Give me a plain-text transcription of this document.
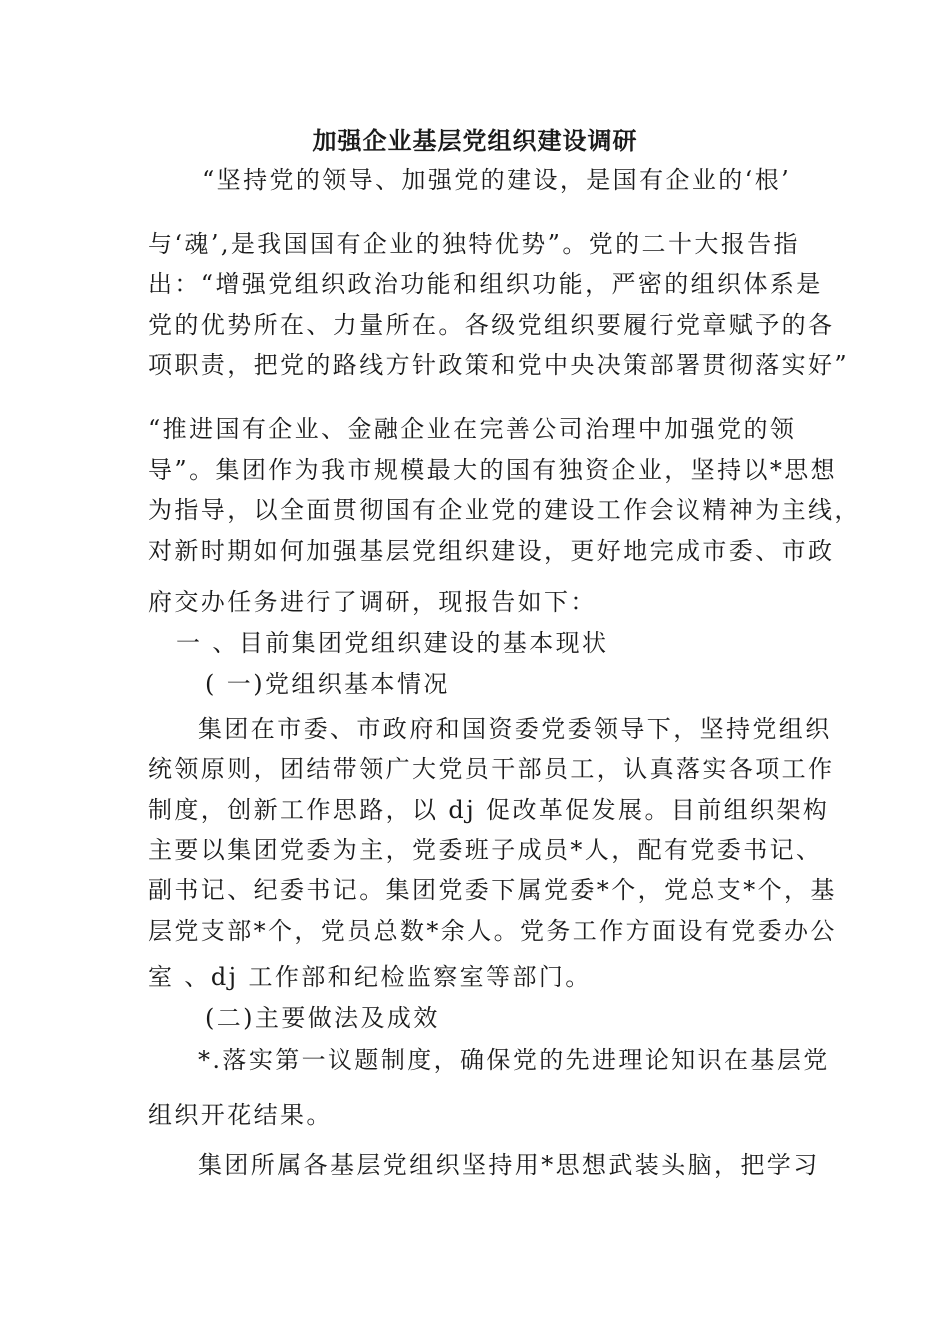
加强企业基层党组织建设调研
“坚持党的领导、加强党的建设，是国有企业的‘根’
与‘魂’,是我国国有企业的独特优势”。党的二十大报告指
出：“增强党组织政治功能和组织功能，严密的组织体系是
党的优势所在、力量所在。各级党组织要履行党章赋予的各
项职责，把党的路线方针政策和党中央决策部署贯彻落实好”
“推进国有企业、金融企业在完善公司治理中加强党的领
导”。集团作为我市规模最大的国有独资企业，坚持以*思想
为指导，以全面贯彻国有企业党的建设工作会议精神为主线，
对新时期如何加强基层党组织建设，更好地完成市委、市政
府交办任务进行了调研，现报告如下：
一 、目前集团党组织建设的基本现状
( 一)党组织基本情况
集团在市委、市政府和国资委党委领导下，坚持党组织
统领原则，团结带领广大党员干部员工，认真落实各项工作
制度，创新工作思路，以 dj 促改革促发展。目前组织架构
主要以集团党委为主，党委班子成员*人，配有党委书记、
副书记、纪委书记。集团党委下属党委*个，党总支*个，基
层党支部*个，党员总数*余人。党务工作方面设有党委办公
室 、dj 工作部和纪检监察室等部门。
(二)主要做法及成效
*.落实第一议题制度，确保党的先进理论知识在基层党
组织开花结果。
集团所属各基层党组织坚持用*思想武装头脑，把学习
